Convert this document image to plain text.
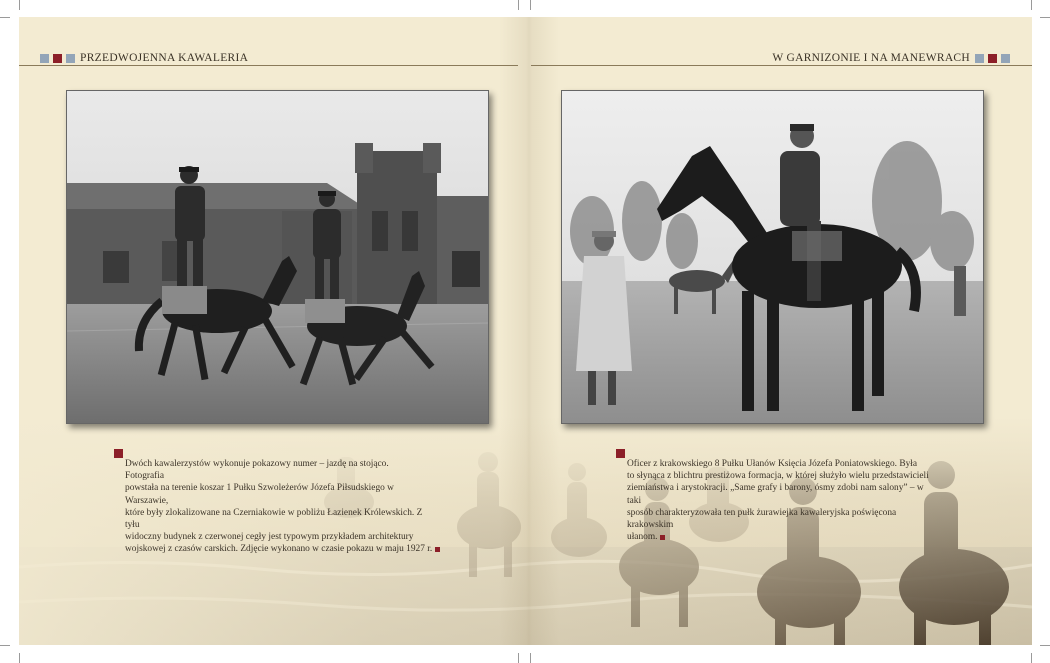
PRZEDWOJENNA KAWALERIA	W GARNIZONIE I NA MANEWRACH
Dwóch kawalerzystów wykonuje pokazowy numer – jazdę na stojąco. Fotografia
powstała na terenie koszar 1 Pułku Szwoleżerów Józefa Piłsudskiego w Warszawie,
które były zlokalizowane na Czerniakowie w pobliżu Łazienek Królewskich. Z tyłu
widoczny budynek z czerwonej cegły jest typowym przykładem architektury
wojskowej z czasów carskich. Zdjęcie wykonano w czasie pokazu w maju 1927 r.
Oficer z krakowskiego 8 Pułku Ułanów Księcia Józefa Poniatowskiego. Była
to słynąca z blichtru prestiżowa formacja, w której służyło wielu przedstawicieli
ziemiaństwa i arystokracji. „Same grafy i barony, ósmy zdobi nam salony” – w taki
sposób charakteryzowała ten pułk żurawiejka kawaleryjska poświęcona krakowskim
ułanom.
